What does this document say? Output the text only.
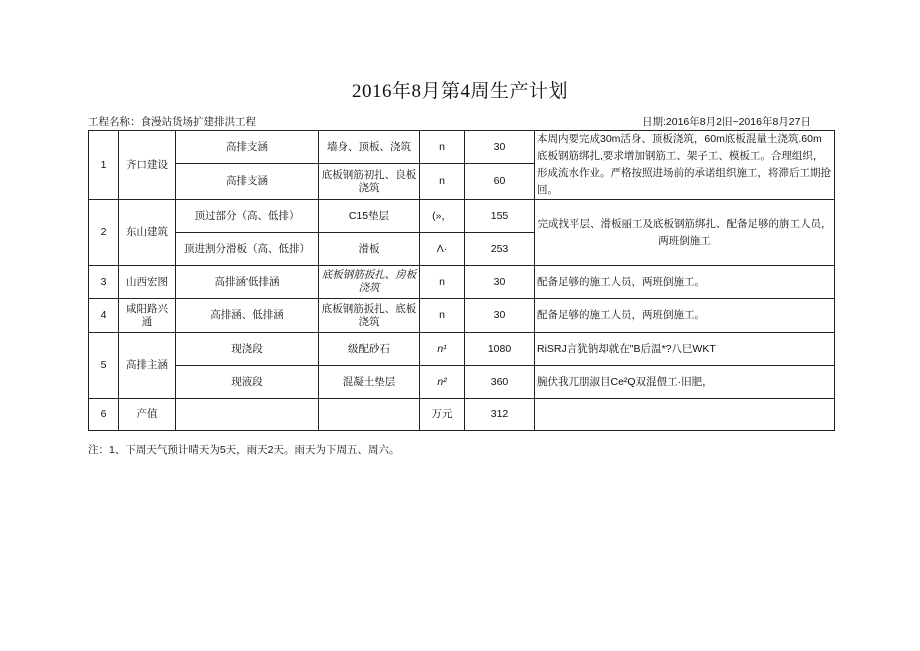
2016年8月第4周生产计划
工程名称：食漫站货场扩建排洪工程	日期:2016年8月2旧~2016年8月27日
1	齐口建设	高排支涵	墙身、顶板、浇筑	n	30	本周内要完成30m活身、顶板浇筑，60m底板混量土浇筑.60m底板钢筋绑扎,要求增加钢筋工、架子工、模板工。合理组织，形成流水作业。严格按照进场前的承诺组织施工，将滞后工期抢回。
		高排支涵	底板钢筋初扎、良板浇筑	n	60	
2	东山建筑	顶过部分（高、低排）	C15垫层	(»，	155	完成找平层、滑板丽工及底板钢筋绑扎、配备足够的旃工人员，两班倒施工
		顶进割分滑板（高、低排）	滑板	Λ·	253	
3	山西宏图	高排涵'低排涵	底板钢筋扳扎、房板浇筑	n	30	配备足够的施工人员，两班倒施工。
4	咸阳路兴通	高排涵、低排涵	底板钢筋扳扎、底板浇筑	n	30	配备足够的施工人员，两班倒施工。
5	高排主涵	现浇段	级配砂石	n¹	1080	RiSRJ言犹钠却就在"B后温*?八巳WKT
		现液段	混凝土垫层	n²	360	腕伏我兀朋淑目Ce²Q双混偎工·旧肥，
6	产值			万元	312	
注：1、下周天气预计晴天为5天，雨天2天。雨天为下周五、周六。
